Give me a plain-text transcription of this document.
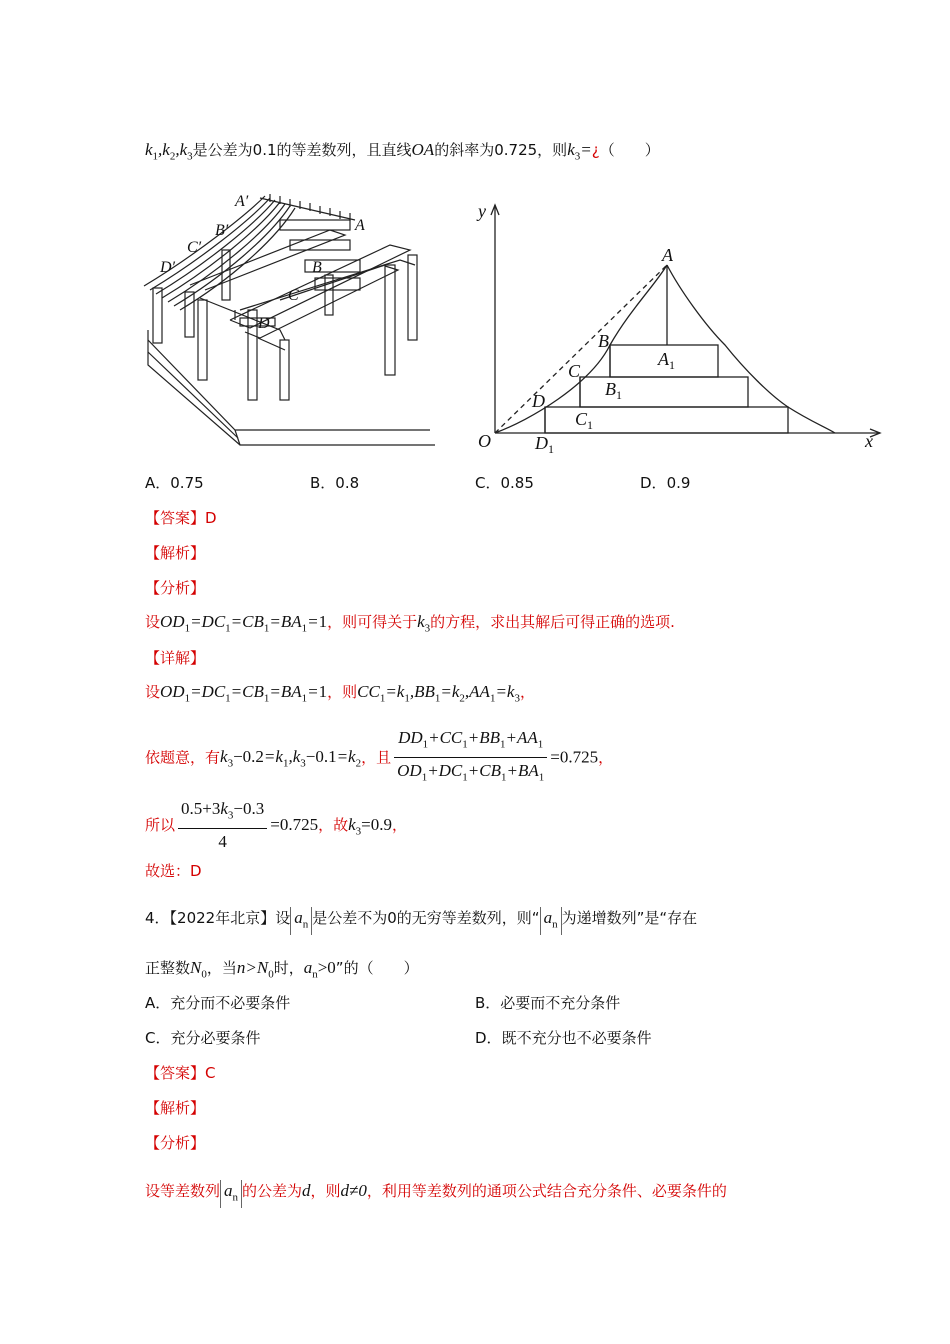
$k_1,k_2,k_3$是公差为0.1的等差数列，且直线OA的斜率为0.725，则$k_3=¿$（　　）
A′
A
B′
B
C′
C
D′
D
y
x
O
A
B
C
D
$A_1$
$B_1$
$C_1$
$D_1$
A．0.75	B．0.8	C．0.85	D．0.9
【答案】D
【解析】
【分析】
设$OD_1=DC_1=CB_1=BA_1=1$，则可得关于$k_3$的方程，求出其解后可得正确的选项.
【详解】
设$OD_1=DC_1=CB_1=BA_1=1$，则$CC_1=k_1,BB_1=k_2,AA_1=k_3$，
依题意，有$k_3-0.2=k_1,k_3-0.1=k_2$，且 $\frac{DD_1+CC_1+BB_1+AA_1}{OD_1+DC_1+CB_1+BA_1} =0.725$，
所以 $\frac{0.5+3k_3-0.3}{4} =0.725$，故$k_3=0.9$，
故选：D
4．【2022年北京】设 $a_n$ 是公差不为0的无穷等差数列，则“ $a_n$ 为递增数列”是“存在
正整数$N_0$，当$n>N_0$时，$a_n>0$”的（　　）
A．充分而不必要条件	B．必要而不充分条件
C．充分必要条件	D．既不充分也不必要条件
【答案】C
【解析】
【分析】
设等差数列 $a_n$ 的公差为d，则d≠0，利用等差数列的通项公式结合充分条件、必要条件的
